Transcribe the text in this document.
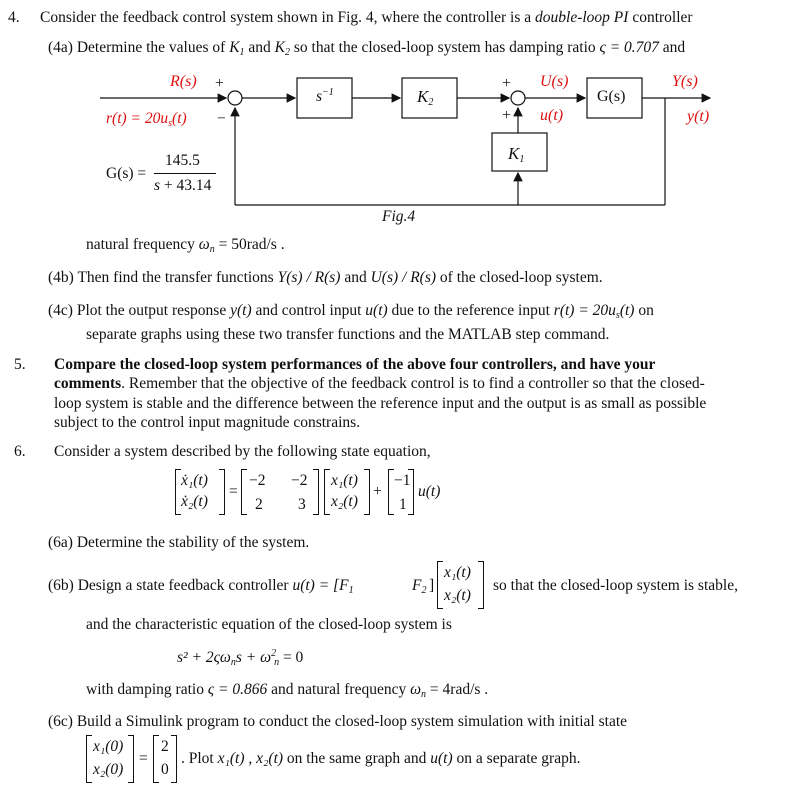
4. Consider the feedback control system shown in Fig. 4, where the controller is a double-loop PI controller
(4a) Determine the values of $K_1$ and $K_2$ so that the closed-loop system has damping ratio ς = 0.707 and
R(s) +
$r(t) = 20u_s(t)$ −
$s^{-1}$	$K_2$
+
+
U(s)
u(t)
G(s)
Y(s)
y(t)
$K_1$
G(s) =
145.5
s + 43.14
Fig.4
natural frequency $\omega_n = 50rad/s$ .
(4b) Then find the transfer functions Y(s) / R(s) and U(s) / R(s) of the closed-loop system.
(4c) Plot the output response y(t) and control input u(t) due to the reference input $r(t) = 20u_s(t)$ on
separate graphs using these two transfer functions and the MATLAB step command.
5. Compare the closed-loop system performances of the above four controllers, and have your
comments. Remember that the objective of the feedback control is to find a controller so that the closed-
loop system is stable and the difference between the reference input and the output is as small as possible
subject to the control input magnitude constrains.
6. Consider a system described by the following state equation,
ẋ₁(t)
ẋ₂(t)
=
−2 −2
2 3
x₁(t)
x₂(t)
+
−1
1
u(t)
(6a) Determine the stability of the system.
(6b) Design a state feedback controller $u(t) = [F_1$	$F_2$ ]
x₁(t)
x₂(t)
so that the closed-loop system is stable,
and the characteristic equation of the closed-loop system is
$s^2 + 2\varsigma\omega_ns + \omega^2_n = 0$
with damping ratio ς = 0.866 and natural frequency $\omega_n = 4rad/s$ .
(6c) Build a Simulink program to conduct the closed-loop system simulation with initial state
x₁(0)
x₂(0)
=
2
0
. Plot x₁(t) , x₂(t) on the same graph and u(t) on a separate graph.
